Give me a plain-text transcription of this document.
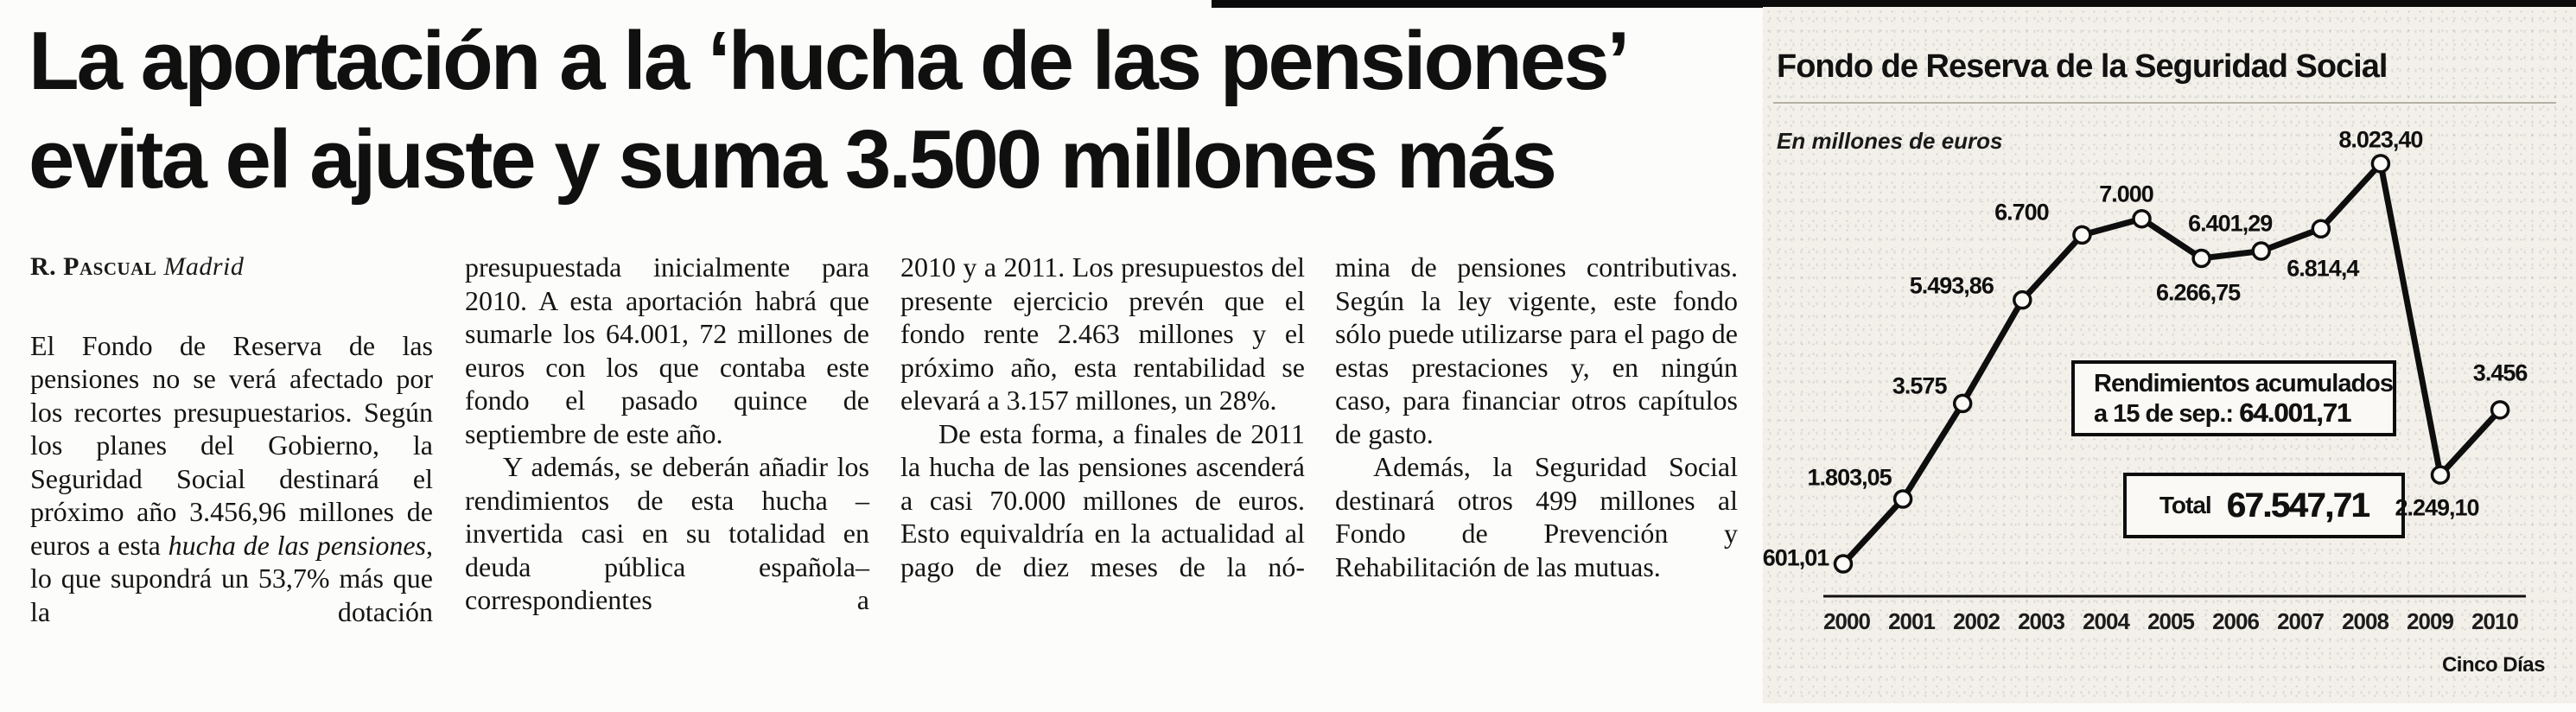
La aportación a la ‘hucha de las pensiones’
evita el ajuste y suma 3.500 millones más
R. Pascual Madrid

El Fondo de Reserva de las pensiones no se verá afectado por los recortes presupuestarios. Según los planes del Gobierno, la Seguridad Social destinará el próximo año 3.456,96 millones de euros a esta hucha de las pensiones, lo que supondrá un 53,7% más que la dotación

presupuestada inicialmente para 2010. A esta aportación habrá que sumarle los 64.001, 72 millones de euros con los que contaba este fondo el pasado quince de septiembre de este año.

Y además, se deberán añadir los rendimientos de esta hucha –invertida casi en su totalidad en deuda pública española– correspondientes a

2010 y a 2011. Los presupuestos del presente ejercicio prevén que el fondo rente 2.463 millones y el próximo año, esta rentabilidad se elevará a 3.157 millones, un 28%.

De esta forma, a finales de 2011 la hucha de las pensiones ascenderá a casi 70.000 millones de euros. Esto equivaldría en la actualidad al pago de diez meses de la nó-

mina de pensiones contributivas. Según la ley vigente, este fondo sólo puede utilizarse para el pago de estas prestaciones y, en ningún caso, para financiar otros capítulos de gasto.

Además, la Seguridad Social destinará otros 499 millones al Fondo de Prevención y Rehabilitación de las mutuas.

Fondo de Reserva de la Seguridad Social
En millones de euros
601,01
1.803,05
3.575
5.493,86
6.700
7.000
6.266,75
6.401,29
6.814,4
8.023,40
2.249,10
3.456
2000 2001 2002 2003 2004 2005 2006 2007 2008 2009 2010
Rendimientos acumulados
a 15 de sep.: 64.001,71
Total 67.547,71
Cinco Días
